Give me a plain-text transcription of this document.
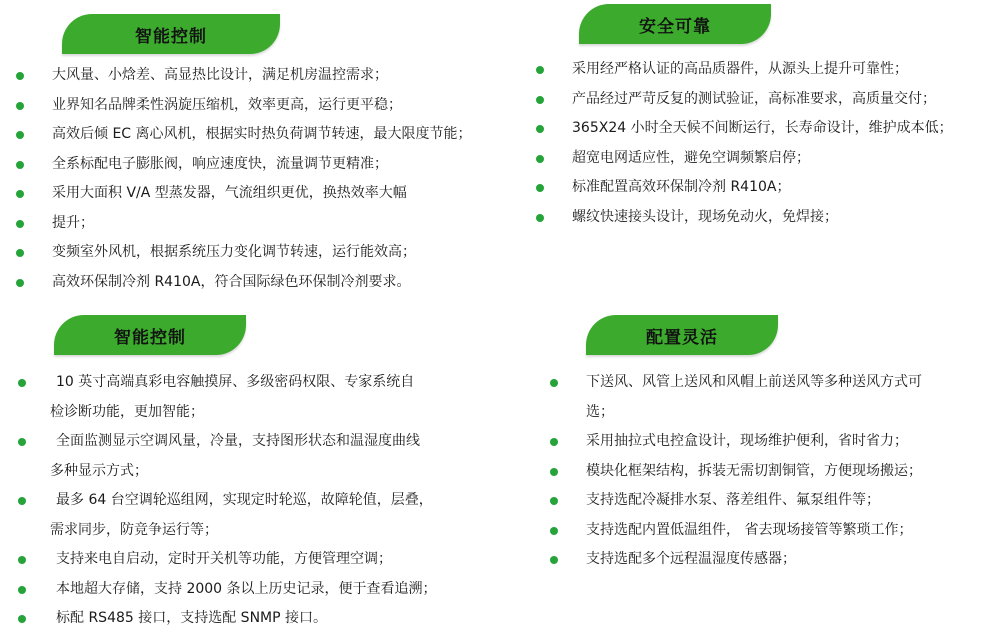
智能控制
大风量、小焓差、高显热比设计，满足机房温控需求；
业界知名品牌柔性涡旋压缩机，效率更高，运行更平稳；
高效后倾 EC 离心风机，根据实时热负荷调节转速，最大限度节能；
全系标配电子膨胀阀，响应速度快，流量调节更精准；
采用大面积 V/A 型蒸发器，气流组织更优，换热效率大幅
提升；
变频室外风机，根据系统压力变化调节转速，运行能效高；
高效环保制冷剂 R410A，符合国际绿色环保制冷剂要求。
安全可靠
采用经严格认证的高品质器件，从源头上提升可靠性；
产品经过严苛反复的测试验证，高标准要求，高质量交付；
365X24 小时全天候不间断运行，长寿命设计，维护成本低；
超宽电网适应性，避免空调频繁启停；
标准配置高效环保制冷剂 R410A；
螺纹快速接头设计，现场免动火，免焊接；
智能控制
10 英寸高端真彩电容触摸屏、多级密码权限、专家系统自
检诊断功能，更加智能；
全面监测显示空调风量，冷量，支持图形状态和温湿度曲线
多种显示方式；
最多 64 台空调轮巡组网，实现定时轮巡，故障轮值，层叠，
需求同步，防竞争运行等；
支持来电自启动，定时开关机等功能，方便管理空调；
本地超大存储，支持 2000 条以上历史记录，便于查看追溯；
标配 RS485 接口，支持选配 SNMP 接口。
配置灵活
下送风、风管上送风和风帽上前送风等多种送风方式可
选；
采用抽拉式电控盒设计，现场维护便利，省时省力；
模块化框架结构，拆装无需切割铜管，方便现场搬运；
支持选配冷凝排水泵、落差组件、氟泵组件等；
支持选配内置低温组件， 省去现场接管等繁琐工作；
支持选配多个远程温湿度传感器；
